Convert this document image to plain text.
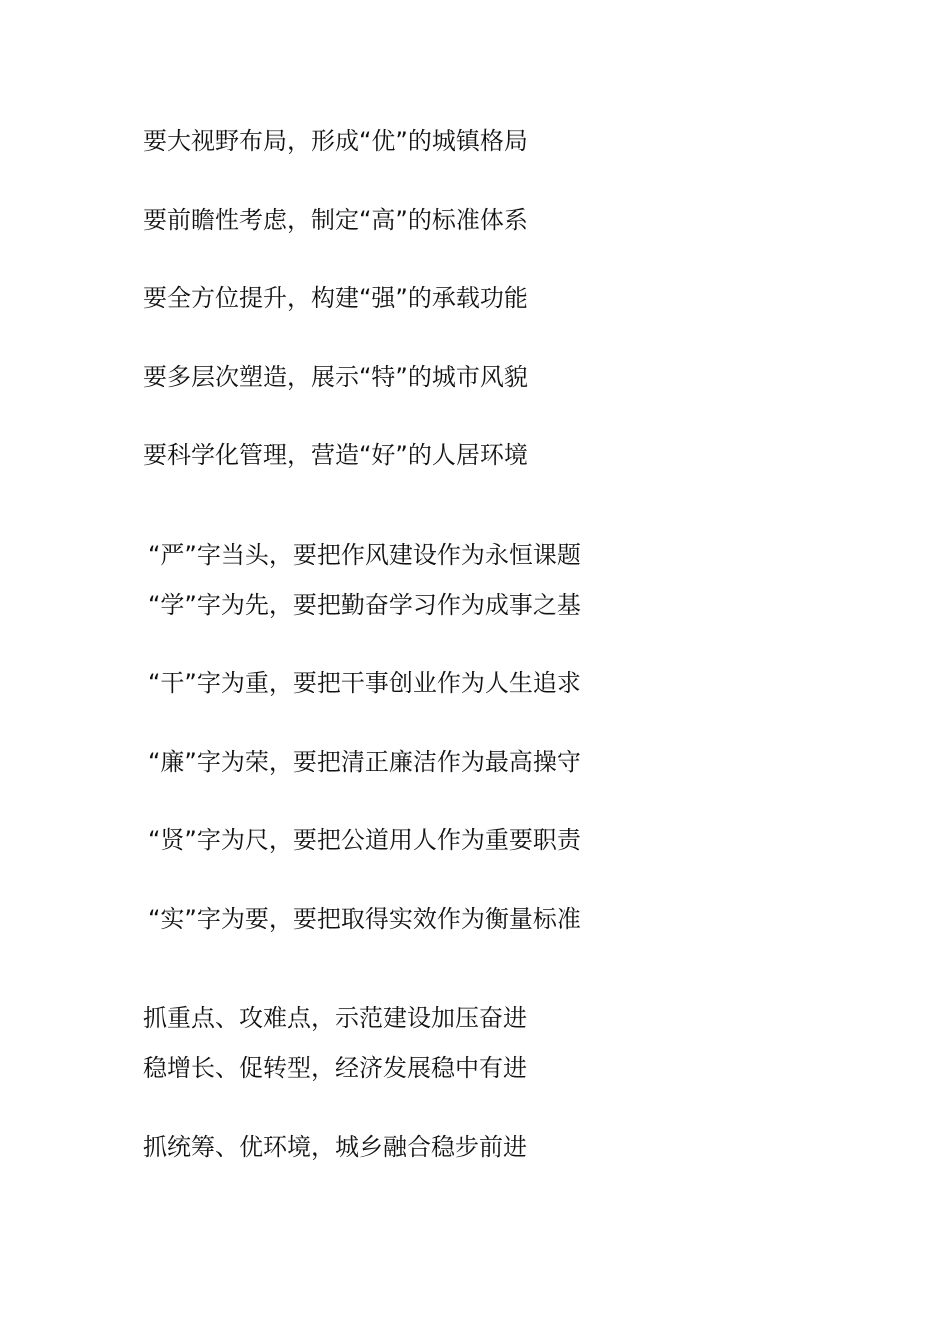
要大视野布局，形成“优”的城镇格局
要前瞻性考虑，制定“高”的标准体系
要全方位提升，构建“强”的承载功能
要多层次塑造，展示“特”的城市风貌
要科学化管理，营造“好”的人居环境
“严”字当头，要把作风建设作为永恒课题
“学”字为先，要把勤奋学习作为成事之基
“干”字为重，要把干事创业作为人生追求
“廉”字为荣，要把清正廉洁作为最高操守
“贤”字为尺，要把公道用人作为重要职责
“实”字为要，要把取得实效作为衡量标准
抓重点、攻难点，示范建设加压奋进
稳增长、促转型，经济发展稳中有进
抓统筹、优环境，城乡融合稳步前进
